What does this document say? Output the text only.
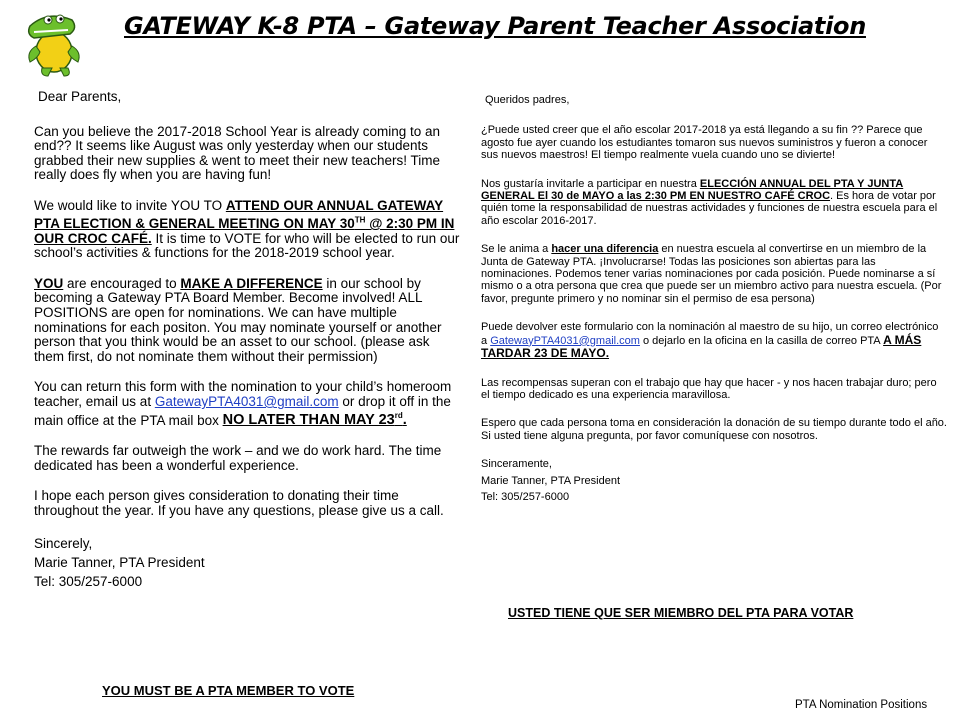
GATEWAY K-8 PTA – Gateway Parent Teacher Association

Dear Parents,

Can you believe the 2017-2018 School Year is already coming to an end?? It seems like August was only yesterday when our students grabbed their new supplies & went to meet their new teachers! Time really does fly when you are having fun!

We would like to invite YOU TO ATTEND OUR ANNUAL GATEWAY PTA ELECTION & GENERAL MEETING ON MAY 30TH @ 2:30 PM IN OUR CROC CAFÉ. It is time to VOTE for who will be elected to run our school’s activities & functions for the 2018-2019 school year.

YOU are encouraged to MAKE A DIFFERENCE in our school by becoming a Gateway PTA Board Member. Become involved! ALL POSITIONS are open for nominations. We can have multiple nominations for each positon. You may nominate yourself or another person that you think would be an asset to our school. (please ask them first, do not nominate them without their permission)

You can return this form with the nomination to your child’s homeroom teacher, email us at GatewayPTA4031@gmail.com or drop it off in the main office at the PTA mail box NO LATER THAN MAY 23rd.

The rewards far outweigh the work – and we do work hard. The time dedicated has been a wonderful experience.

I hope each person gives consideration to donating their time throughout the year. If you have any questions, please give us a call.

Sincerely,

Marie Tanner, PTA President

Tel: 305/257-6000

YOU MUST BE A PTA MEMBER TO VOTE

Queridos padres,

¿Puede usted creer que el año escolar 2017-2018 ya está llegando a su fin ?? Parece que agosto fue ayer cuando los estudiantes tomaron sus nuevos suministros y fueron a conocer sus nuevos maestros! El tiempo realmente vuela cuando uno se divierte!

Nos gustaría invitarle a participar en nuestra ELECCIÓN ANNUAL DEL PTA Y JUNTA GENERAL El 30 de MAYO a las 2:30 PM EN NUESTRO CAFÉ CROC. Es hora de votar por quién tome la responsabilidad de nuestras actividades y funciones de nuestra escuela para el año escolar 2016-2017.

Se le anima a hacer una diferencia en nuestra escuela al convertirse en un miembro de la Junta de Gateway PTA. ¡Involucrarse! Todas las posiciones son abiertas para las nominaciones. Podemos tener varias nominaciones por cada posición. Puede nominarse a sí mismo o a otra persona que crea que puede ser un miembro activo para nuestra escuela. (Por favor, pregunte primero y no nominar sin el permiso de esa persona)

Puede devolver este formulario con la nominación al maestro de su hijo, un correo electrónico a GatewayPTA4031@gmail.com o dejarlo en la oficina en la casilla de correo PTA A MÁS TARDAR 23 DE MAYO.

Las recompensas superan con el trabajo que hay que hacer - y nos hacen trabajar duro; pero el tiempo dedicado es una experiencia maravillosa.

Espero que cada persona toma en consideración la donación de su tiempo durante todo el año. Si usted tiene alguna pregunta, por favor comuníquese con nosotros.

Sinceramente,

Marie Tanner, PTA President

Tel: 305/257-6000

USTED TIENE QUE SER MIEMBRO DEL PTA PARA VOTAR
PTA Nomination Positions
